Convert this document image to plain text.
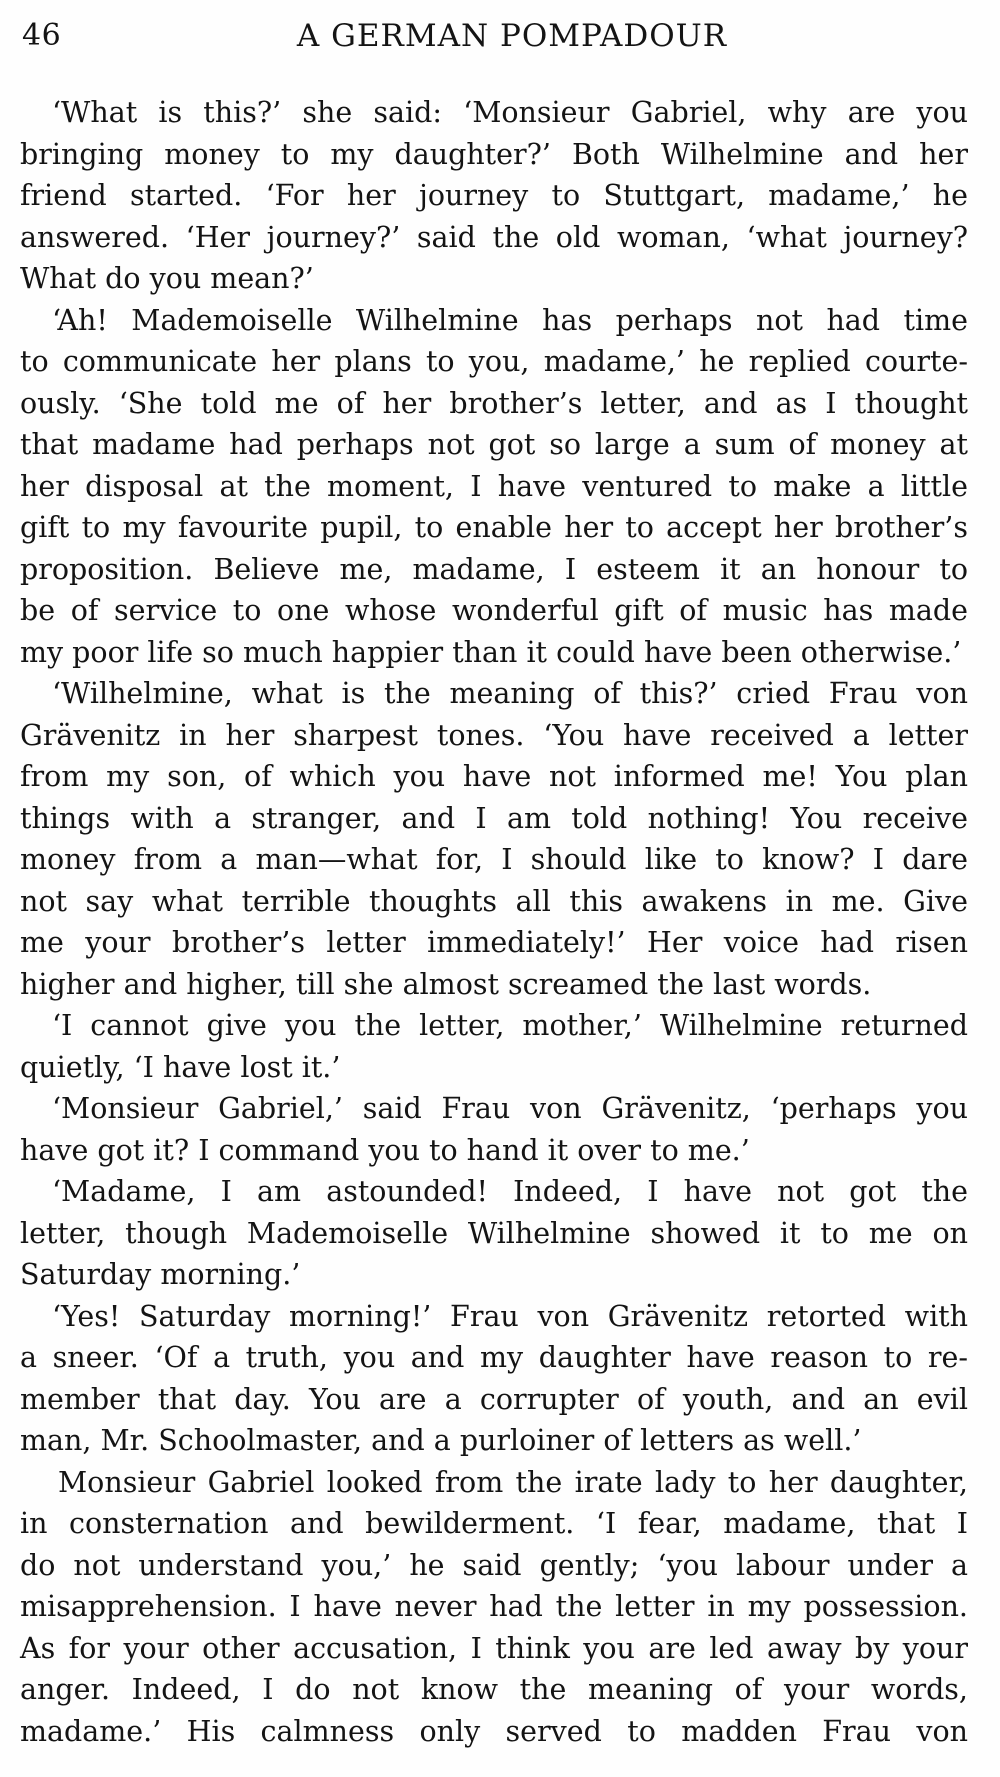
46	A GERMAN POMPADOUR
‘What is this?’ she said: ‘Monsieur Gabriel, why are you
bringing money to my daughter?’ Both Wilhelmine and her
friend started. ‘For her journey to Stuttgart, madame,’ he
answered. ‘Her journey?’ said the old woman, ‘what journey?
What do you mean?’
‘Ah! Mademoiselle Wilhelmine has perhaps not had time
to communicate her plans to you, madame,’ he replied courte-
ously. ‘She told me of her brother’s letter, and as I thought
that madame had perhaps not got so large a sum of money at
her disposal at the moment, I have ventured to make a little
gift to my favourite pupil, to enable her to accept her brother’s
proposition. Believe me, madame, I esteem it an honour to
be of service to one whose wonderful gift of music has made
my poor life so much happier than it could have been otherwise.’
‘Wilhelmine, what is the meaning of this?’ cried Frau von
Grävenitz in her sharpest tones. ‘You have received a letter
from my son, of which you have not informed me! You plan
things with a stranger, and I am told nothing! You receive
money from a man—what for, I should like to know? I dare
not say what terrible thoughts all this awakens in me. Give
me your brother’s letter immediately!’ Her voice had risen
higher and higher, till she almost screamed the last words.
‘I cannot give you the letter, mother,’ Wilhelmine returned
quietly, ‘I have lost it.’
‘Monsieur Gabriel,’ said Frau von Grävenitz, ‘perhaps you
have got it? I command you to hand it over to me.’
‘Madame, I am astounded! Indeed, I have not got the
letter, though Mademoiselle Wilhelmine showed it to me on
Saturday morning.’
‘Yes! Saturday morning!’ Frau von Grävenitz retorted with
a sneer. ‘Of a truth, you and my daughter have reason to re-
member that day. You are a corrupter of youth, and an evil
man, Mr. Schoolmaster, and a purloiner of letters as well.’
Monsieur Gabriel looked from the irate lady to her daughter,
in consternation and bewilderment. ‘I fear, madame, that I
do not understand you,’ he said gently; ‘you labour under a
misapprehension. I have never had the letter in my possession.
As for your other accusation, I think you are led away by your
anger. Indeed, I do not know the meaning of your words,
madame.’ His calmness only served to madden Frau von
